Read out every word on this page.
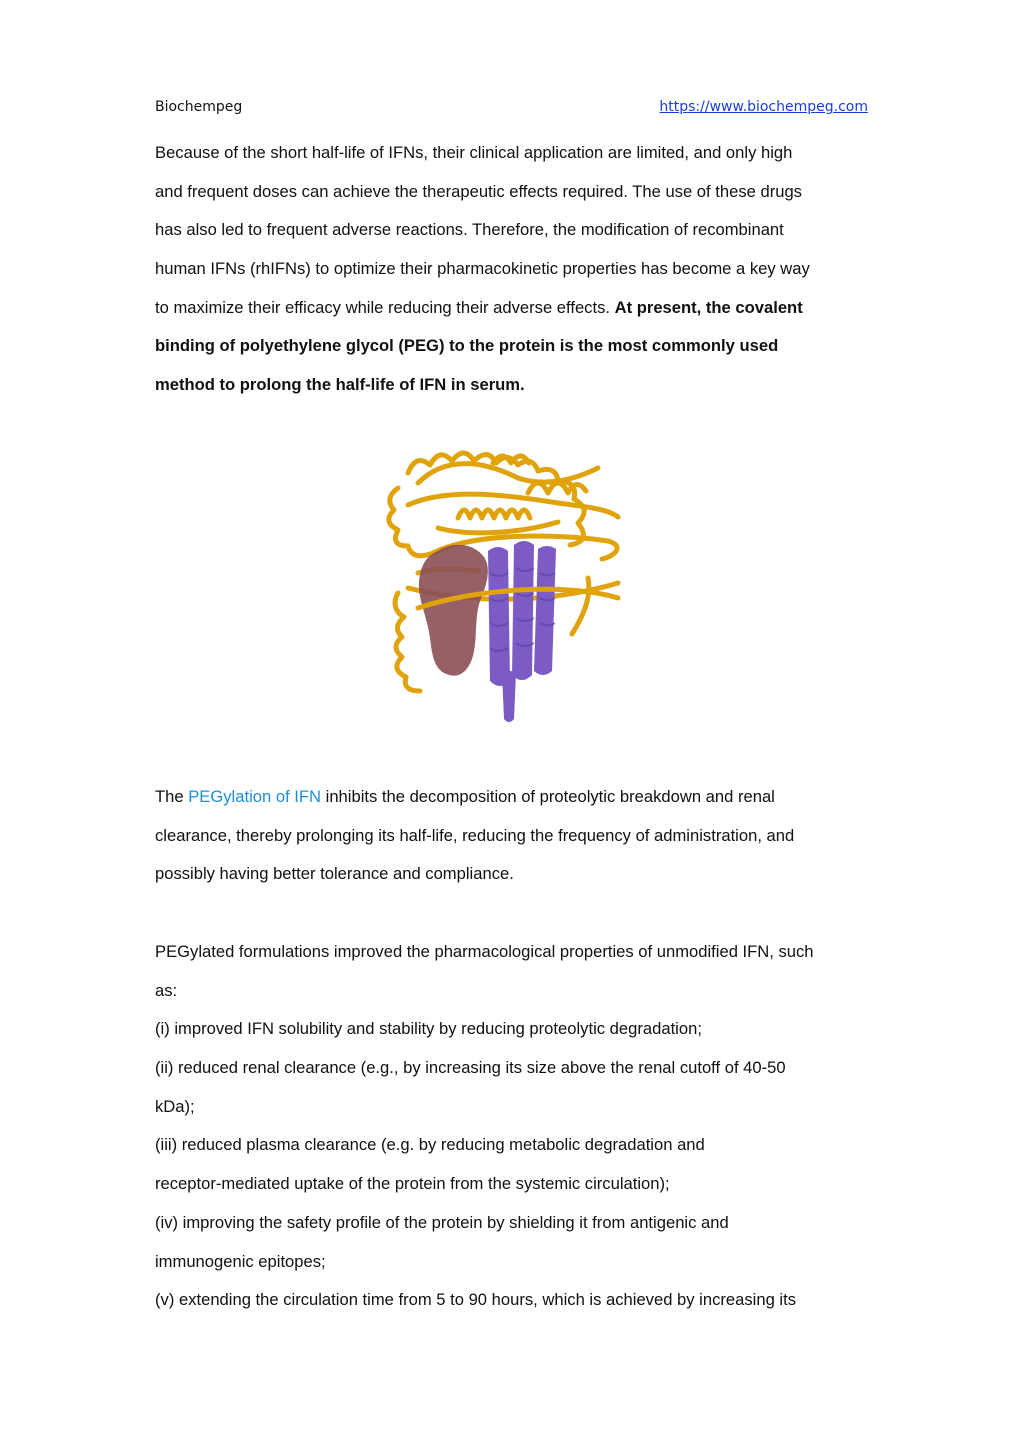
Biochempeg	https://www.biochempeg.com
Because of the short half-life of IFNs, their clinical application are limited, and only high
and frequent doses can achieve the therapeutic effects required. The use of these drugs
has also led to frequent adverse reactions. Therefore, the modification of recombinant
human IFNs (rhIFNs) to optimize their pharmacokinetic properties has become a key way
to maximize their efficacy while reducing their adverse effects. At present, the covalent
binding of polyethylene glycol (PEG) to the protein is the most commonly used
method to prolong the half-life of IFN in serum.
The PEGylation of IFN inhibits the decomposition of proteolytic breakdown and renal
clearance, thereby prolonging its half-life, reducing the frequency of administration, and
possibly having better tolerance and compliance.
PEGylated formulations improved the pharmacological properties of unmodified IFN, such
as:
(i) improved IFN solubility and stability by reducing proteolytic degradation;
(ii) reduced renal clearance (e.g., by increasing its size above the renal cutoff of 40-50
kDa);
(iii) reduced plasma clearance (e.g. by reducing metabolic degradation and
receptor-mediated uptake of the protein from the systemic circulation);
(iv) improving the safety profile of the protein by shielding it from antigenic and
immunogenic epitopes;
(v) extending the circulation time from 5 to 90 hours, which is achieved by increasing its
